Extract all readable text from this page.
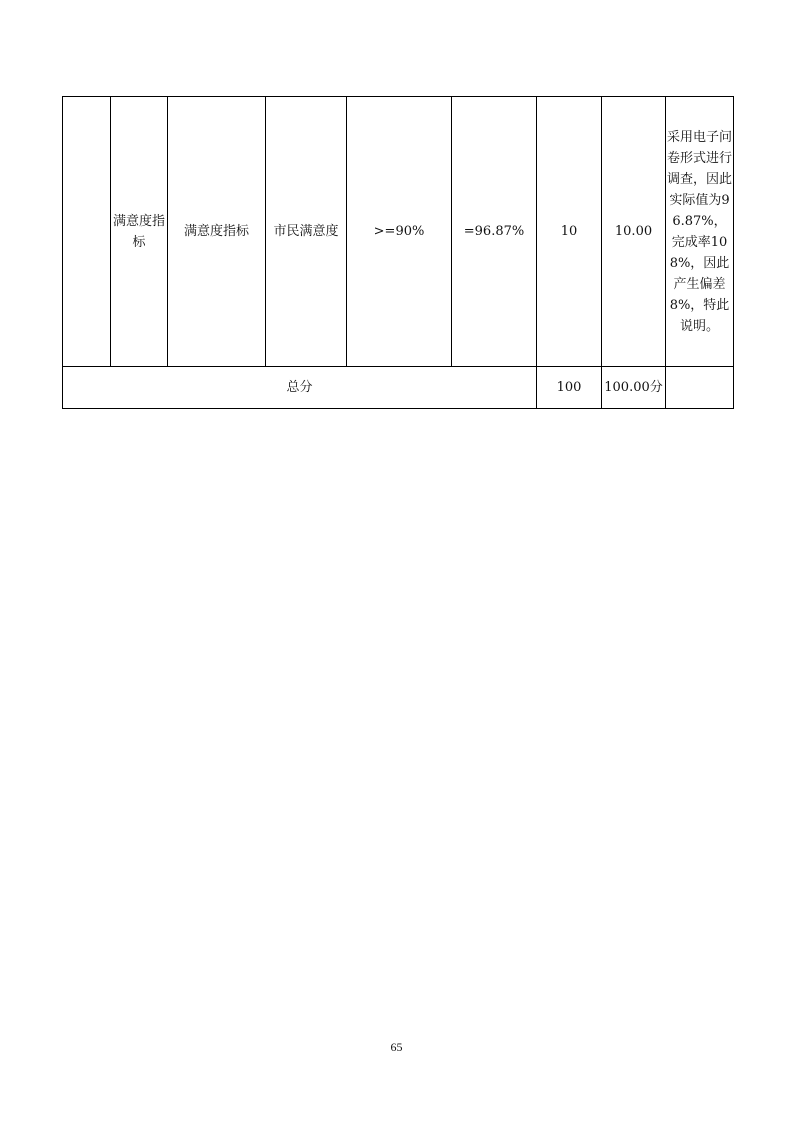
	满意度指标	满意度指标	市民满意度	>=90%	=96.87%	10	10.00	采用电子问卷形式进行调查，因此实际值为96.87%，完成率108%，因此产生偏差8%，特此说明。
总分						100	100.00分	
65
